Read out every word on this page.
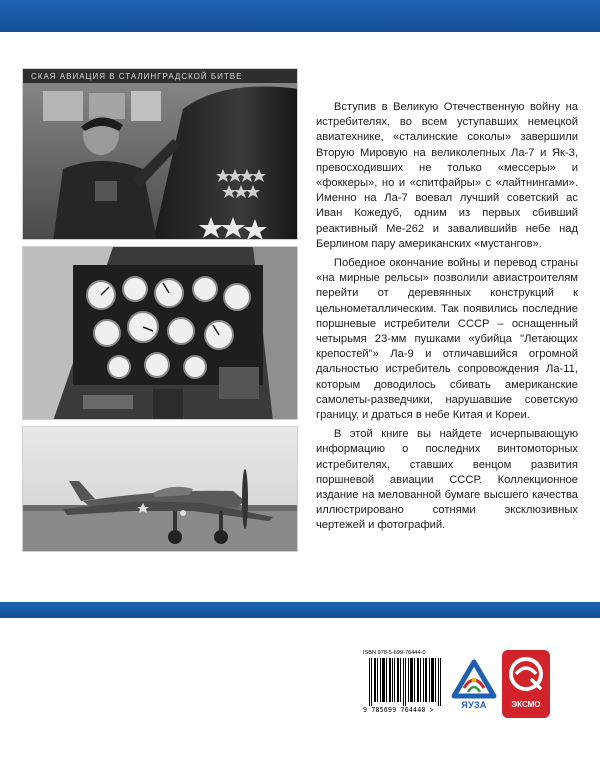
СКАЯ АВИАЦИЯ В СТАЛИНГРАДСКОЙ БИТВЕ

Вступив в Великую Отечественную войну на истребителях, во всем уступавших немецкой авиатехнике, «сталинские соколы» завершили Вторую Мировую на великолепных Ла-7 и Як-3, превосходивших не только «мессеры» и «фоккеры», но и «спитфайры» с «лайтнингами». Именно на Ла-7 воевал лучший советский ас Иван Кожедуб, одним из первых сбивший реактивный Ме-262 и завалившийв небе над Берлином пару американских «мустангов».

Победное окончание войны и перевод страны «на мирные рельсы» позволили авиастроителям перейти от деревянных конструкций к цельнометаллическим. Так появились последние поршневые истребители СССР – оснащенный четырьмя 23-мм пушками «убийца "Летающих крепостей"» Ла-9 и отличавшийся огромной дальностью истребитель сопровождения Ла-11, которым доводилось сбивать американские самолеты-разведчики, нарушавшие советскую границу, и драться в небе Китая и Кореи.

В этой книге вы найдете исчерпывающую информацию о последних винтомоторных истребителях, ставших венцом развития поршневой авиации СССР. Коллекционное издание на мелованной бумаге высшего качества иллюстрировано сотнями эксклюзивных чертежей и фотографий.

ISBN 978-5-699-76444-0
9 785699 764440 >	ЯУЗА	ЭКСМО
